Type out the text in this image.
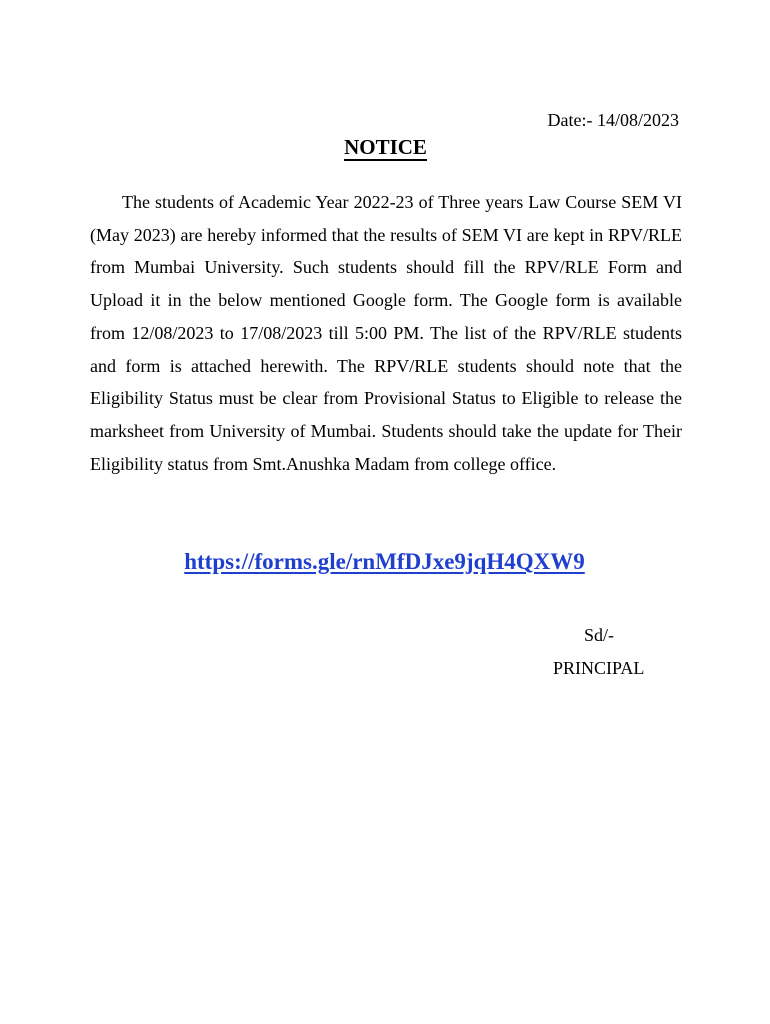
Date:- 14/08/2023
NOTICE

The students of Academic Year 2022-23 of Three years Law Course SEM VI (May 2023) are hereby informed that the results of SEM VI are kept in RPV/RLE from Mumbai University. Such students should fill the RPV/RLE Form and Upload it in the below mentioned Google form. The Google form is available from 12/08/2023 to 17/08/2023 till 5:00 PM. The list of the RPV/RLE students and form is attached herewith. The RPV/RLE students should note that the Eligibility Status must be clear from Provisional Status to Eligible to release the marksheet from University of Mumbai. Students should take the update for Their Eligibility status from Smt.Anushka Madam from college office.

https://forms.gle/rnMfDJxe9jqH4QXW9
Sd/-
PRINCIPAL
